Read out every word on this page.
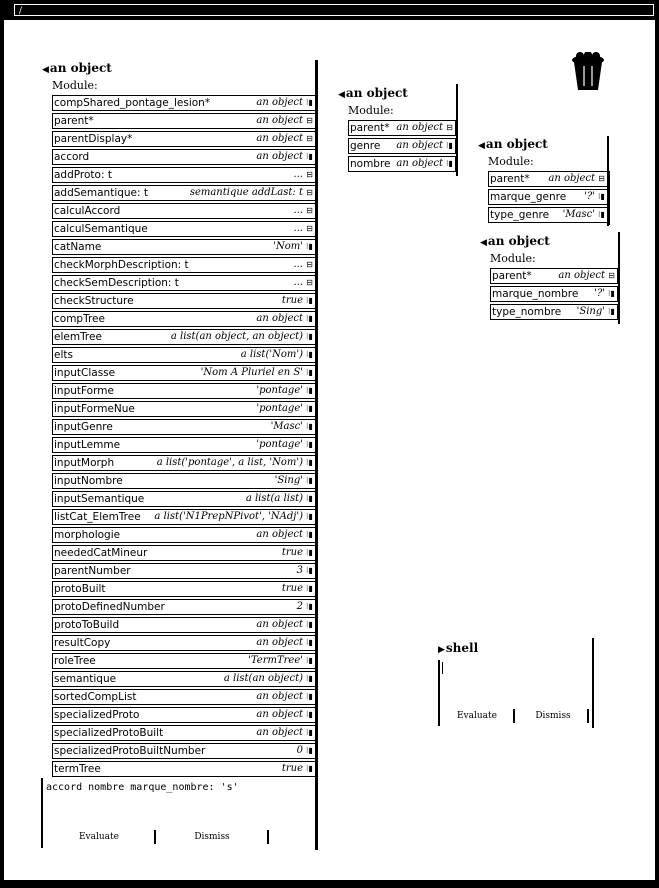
/
◀an object
Module:
compShared_pontage_lesion*	an object ⁝▮
parent*	an object ⊟
parentDisplay*	an object ⊟
accord	an object ⁝▮
addProto: t	... ⊟
addSemantique: t	semantique addLast: t ⊟
calculAccord	... ⊟
calculSemantique	... ⊟
catName	'Nom' ⁝▮
checkMorphDescription: t	... ⊟
checkSemDescription: t	... ⊟
checkStructure	true ⁝▮
compTree	an object ⁝▮
elemTree	a list(an object, an object) ⁝▮
elts	a list('Nom') ⁝▮
inputClasse	'Nom A Pluriel en S' ⁝▮
inputForme	'pontage' ⁝▮
inputFormeNue	'pontage' ⁝▮
inputGenre	'Masc' ⁝▮
inputLemme	'pontage' ⁝▮
inputMorph	a list('pontage', a list, 'Nom') ⁝▮
inputNombre	'Sing' ⁝▮
inputSemantique	a list(a list) ⁝▮
listCat_ElemTree a list('N1PrepNPivot', 'NAdj') ⁝▮
morphologie	an object ⁝▮
neededCatMineur	true ⁝▮
parentNumber	3 ⁝▮
protoBuilt	true ⁝▮
protoDefinedNumber	2 ⁝▮
protoToBuild	an object ⁝▮
resultCopy	an object ⁝▮
roleTree	'TermTree' ⁝▮
semantique	a list(an object) ⁝▮
sortedCompList	an object ⁝▮
specializedProto	an object ⁝▮
specializedProtoBuilt	an object ⁝▮
specializedProtoBuiltNumber	0 ⁝▮
termTree	true ⁝▮
accord nombre marque_nombre: 's'
Evaluate	Dismiss
◀an object
Module:
parent* an object ⊟
genre an object ⁝▮
nombre an object ⁝▮
◀an object
Module:
parent* an object ⊟
marque_genre '?' ⁝▮
type_genre 'Masc' ⁝▮
◀an object
Module:
parent*	an object ⊟
marque_nombre '?' ⁝▮
type_nombre 'Sing' ⁝▮
▶shell
Evaluate	Dismiss
